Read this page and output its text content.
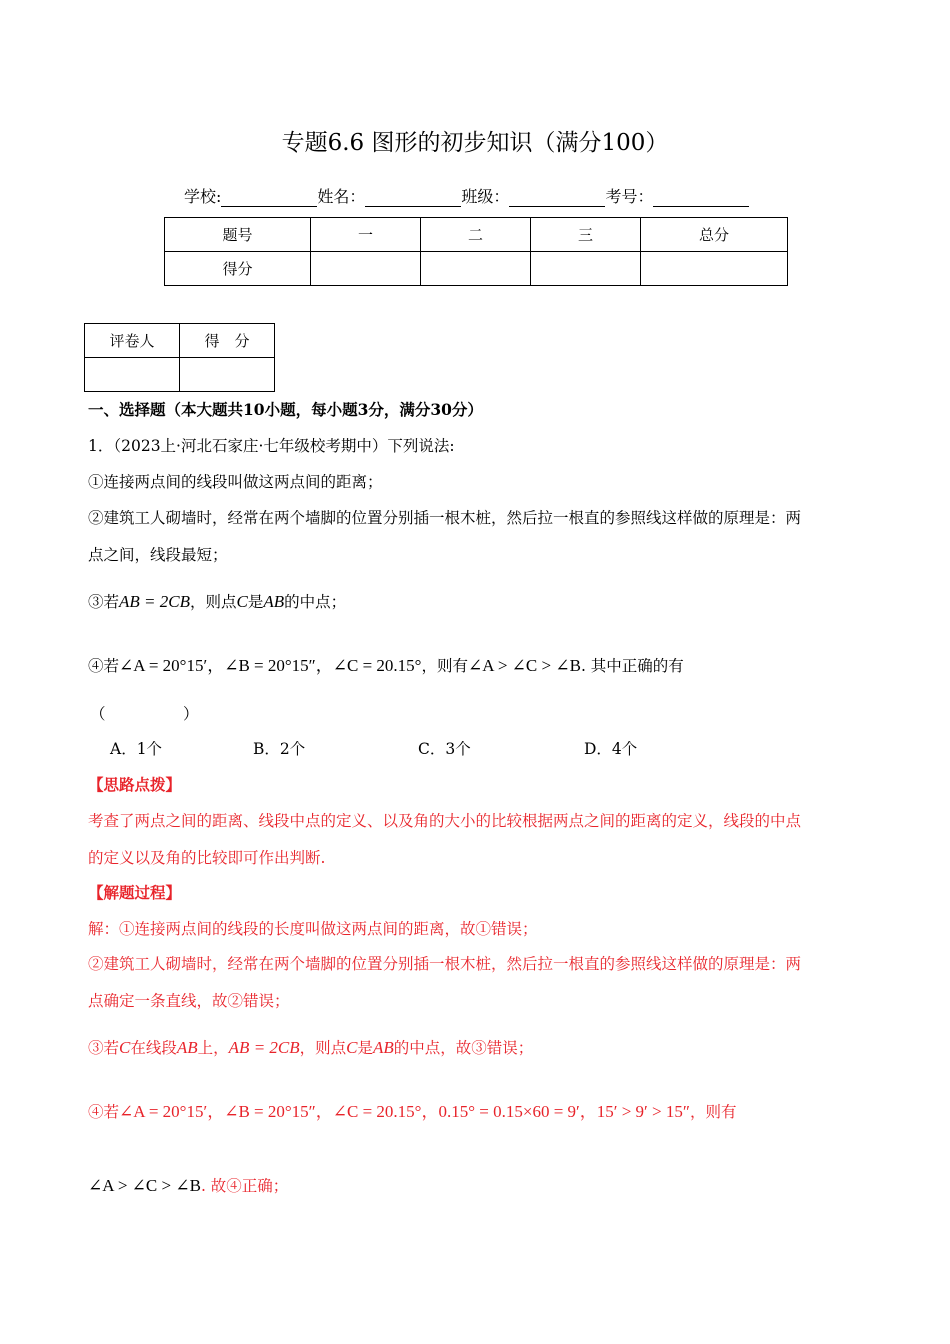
专题6.6 图形的初步知识（满分100）
学校:	姓名：	班级：	考号：
题号	一	二	三	总分
得分				
评卷人	得　分

一、选择题（本大题共10小题，每小题3分，满分30分）
1．（2023上·河北石家庄·七年级校考期中）下列说法:
①连接两点间的线段叫做这两点间的距离；
②建筑工人砌墙时，经常在两个墙脚的位置分别插一根木桩，然后拉一根直的参照线这样做的原理是：两
点之间，线段最短；
③若AB = 2CB，则点C是AB的中点；
④若∠A = 20°15′，∠B = 20°15″，∠C = 20.15°，则有∠A > ∠C > ∠B. 其中正确的有
（　　　　　）
A．1个	B．2个	C．3个	D．4个
【思路点拨】
考查了两点之间的距离、线段中点的定义、以及角的大小的比较根据两点之间的距离的定义，线段的中点
的定义以及角的比较即可作出判断.
【解题过程】
解：①连接两点间的线段的长度叫做这两点间的距离，故①错误；
②建筑工人砌墙时，经常在两个墙脚的位置分别插一根木桩，然后拉一根直的参照线这样做的原理是：两
点确定一条直线，故②错误；
③若C在线段AB上，AB = 2CB，则点C是AB的中点，故③错误；
④若∠A = 20°15′，∠B = 20°15″，∠C = 20.15°，0.15° = 0.15×60 = 9′，15′ > 9′ > 15″，则有
∠A > ∠C > ∠B. 故④正确；
